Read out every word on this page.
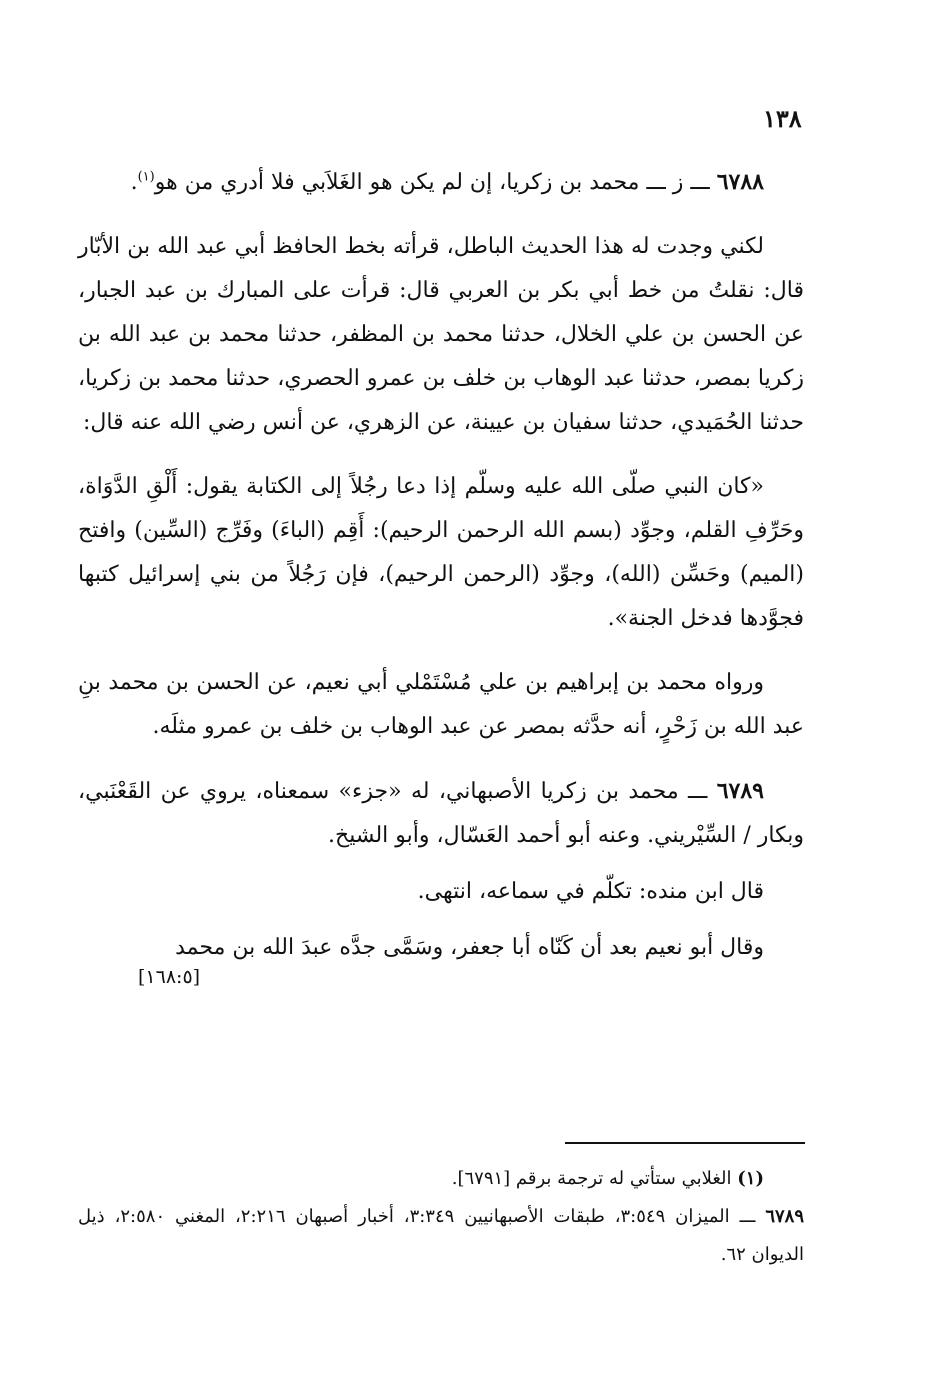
١٣٨

٦٧٨٨ ـــ ز ـــ محمد بن زكريا، إن لم يكن هو الغَلاَبي فلا أدري من هو$^{(١)}$.

لكني وجدت له هذا الحديث الباطل، قرأته بخط الحافظ أبي عبد الله بن الأبّار قال: نقلتُ من خط أبي بكر بن العربي قال: قرأت على المبارك بن عبد الجبار، عن الحسن بن علي الخلال، حدثنا محمد بن المظفر، حدثنا محمد بن عبد الله بن زكريا بمصر، حدثنا عبد الوهاب بن خلف بن عمرو الحصري، حدثنا محمد بن زكريا، حدثنا الحُمَيدي، حدثنا سفيان بن عيينة، عن الزهري، عن أنس رضي الله عنه قال:

«كان النبي صلّى الله عليه وسلّم إذا دعا رجُلاً إلى الكتابة يقول: أَلْقِ الدَّوَاة، وحَرِّفِ القلم، وجوِّد (بسم الله الرحمن الرحيم): أَقِم (الباءَ) وفَرِّج (السِّين) وافتح (الميم) وحَسِّن (الله)، وجوِّد (الرحمن الرحيم)، فإن رَجُلاً من بني إسرائيل كتبها فجوَّدها فدخل الجنة».

ورواه محمد بن إبراهيم بن علي مُسْتَمْلي أبي نعيم، عن الحسن بن محمد بنِ عبد الله بن زَحْرٍ، أنه حدَّثه بمصر عن عبد الوهاب بن خلف بن عمرو مثلَه.

٦٧٨٩ ـــ محمد بن زكريا الأصبهاني، له «جزء» سمعناه، يروي عن القَعْنَبي، وبكار / السِّيْريني. وعنه أبو أحمد العَسّال، وأبو الشيخ.

قال ابن منده: تكلّم في سماعه، انتهى.

وقال أبو نعيم بعد أن كَنّاه أبا جعفر، وسَمَّى جدَّه عبدَ الله بن محمد

[١٦٨:٥]

(١) الغلابي ستأتي له ترجمة برقم [٦٧٩١].

٦٧٨٩ ـــ الميزان ٣:٥٤٩، طبقات الأصبهانيين ٣:٣٤٩، أخبار أصبهان ٢:٢١٦، المغني ٢:٥٨٠، ذيل الديوان ٦٢.
